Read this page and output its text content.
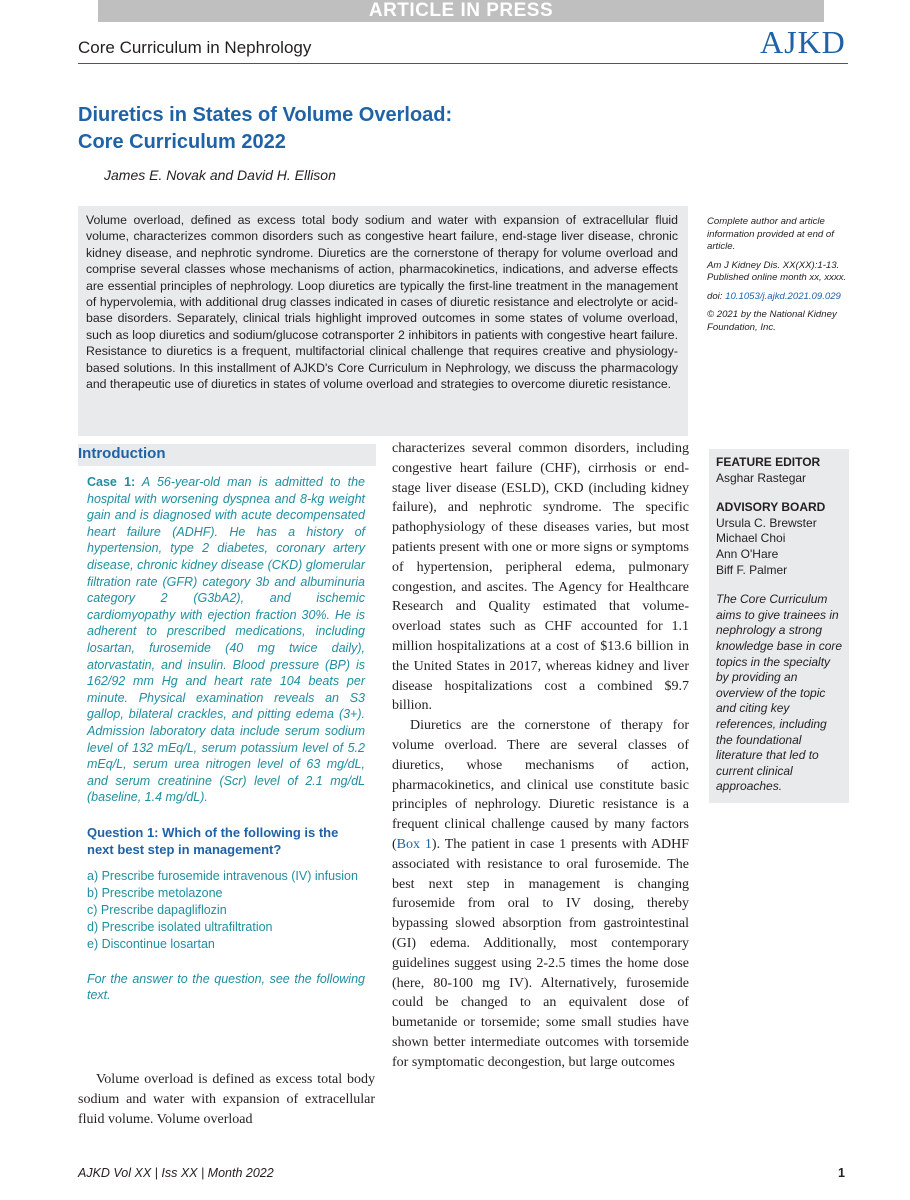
ARTICLE IN PRESS
Core Curriculum in Nephrology	AJKD
Diuretics in States of Volume Overload:
Core Curriculum 2022
James E. Novak and David H. Ellison

Volume overload, defined as excess total body sodium and water with expansion of extracellular fluid volume, characterizes common disorders such as congestive heart failure, end-stage liver disease, chronic kidney disease, and nephrotic syndrome. Diuretics are the cornerstone of therapy for volume overload and comprise several classes whose mechanisms of action, pharmacokinetics, indications, and adverse effects are essential principles of nephrology. Loop diuretics are typically the first-line treatment in the management of hypervolemia, with additional drug classes indicated in cases of diuretic resistance and electrolyte or acid-base disorders. Separately, clinical trials highlight improved outcomes in some states of volume overload, such as loop diuretics and sodium/glucose cotransporter 2 inhibitors in patients with congestive heart failure. Resistance to diuretics is a frequent, multifactorial clinical challenge that requires creative and physiology-based solutions. In this installment of AJKD's Core Curriculum in Nephrology, we discuss the pharmacology and therapeutic use of diuretics in states of volume overload and strategies to overcome diuretic resistance.

Complete author and article information provided at end of article.

Am J Kidney Dis. XX(XX):1-13. Published online month xx, xxxx.

doi: 10.1053/j.ajkd.2021.09.029

© 2021 by the National Kidney Foundation, Inc.

Introduction

Case 1: A 56-year-old man is admitted to the hospital with worsening dyspnea and 8-kg weight gain and is diagnosed with acute decompensated heart failure (ADHF). He has a history of hypertension, type 2 diabetes, coronary artery disease, chronic kidney disease (CKD) glomerular filtration rate (GFR) category 3b and albuminuria category 2 (G3bA2), and ischemic cardiomyopathy with ejection fraction 30%. He is adherent to prescribed medications, including losartan, furosemide (40 mg twice daily), atorvastatin, and insulin. Blood pressure (BP) is 162/92 mm Hg and heart rate 104 beats per minute. Physical examination reveals an S3 gallop, bilateral crackles, and pitting edema (3+). Admission laboratory data include serum sodium level of 132 mEq/L, serum potassium level of 5.2 mEq/L, serum urea nitrogen level of 63 mg/dL, and serum creatinine (Scr) level of 2.1 mg/dL (baseline, 1.4 mg/dL).

Question 1: Which of the following is the next best step in management?

a) Prescribe furosemide intravenous (IV) infusion
b) Prescribe metolazone
c) Prescribe dapagliflozin
d) Prescribe isolated ultrafiltration
e) Discontinue losartan

For the answer to the question, see the following text.

Volume overload is defined as excess total body sodium and water with expansion of extracellular fluid volume. Volume overload

characterizes several common disorders, including congestive heart failure (CHF), cirrhosis or end-stage liver disease (ESLD), CKD (including kidney failure), and nephrotic syndrome. The specific pathophysiology of these diseases varies, but most patients present with one or more signs or symptoms of hypertension, peripheral edema, pulmonary congestion, and ascites. The Agency for Healthcare Research and Quality estimated that volume-overload states such as CHF accounted for 1.1 million hospitalizations at a cost of $13.6 billion in the United States in 2017, whereas kidney and liver disease hospitalizations cost a combined $9.7 billion.

Diuretics are the cornerstone of therapy for volume overload. There are several classes of diuretics, whose mechanisms of action, pharmacokinetics, and clinical use constitute basic principles of nephrology. Diuretic resistance is a frequent clinical challenge caused by many factors (Box 1). The patient in case 1 presents with ADHF associated with resistance to oral furosemide. The best next step in management is changing furosemide from oral to IV dosing, thereby bypassing slowed absorption from gastrointestinal (GI) edema. Additionally, most contemporary guidelines suggest using 2-2.5 times the home dose (here, 80-100 mg IV). Alternatively, furosemide could be changed to an equivalent dose of bumetanide or torsemide; some small studies have shown better intermediate outcomes with torsemide for symptomatic decongestion, but large outcomes

FEATURE EDITOR

Asghar Rastegar

ADVISORY BOARD

Ursula C. Brewster

Michael Choi

Ann O'Hare

Biff F. Palmer

The Core Curriculum aims to give trainees in nephrology a strong knowledge base in core topics in the specialty by providing an overview of the topic and citing key references, including the foundational literature that led to current clinical approaches.

AJKD Vol XX | Iss XX | Month 2022	1
